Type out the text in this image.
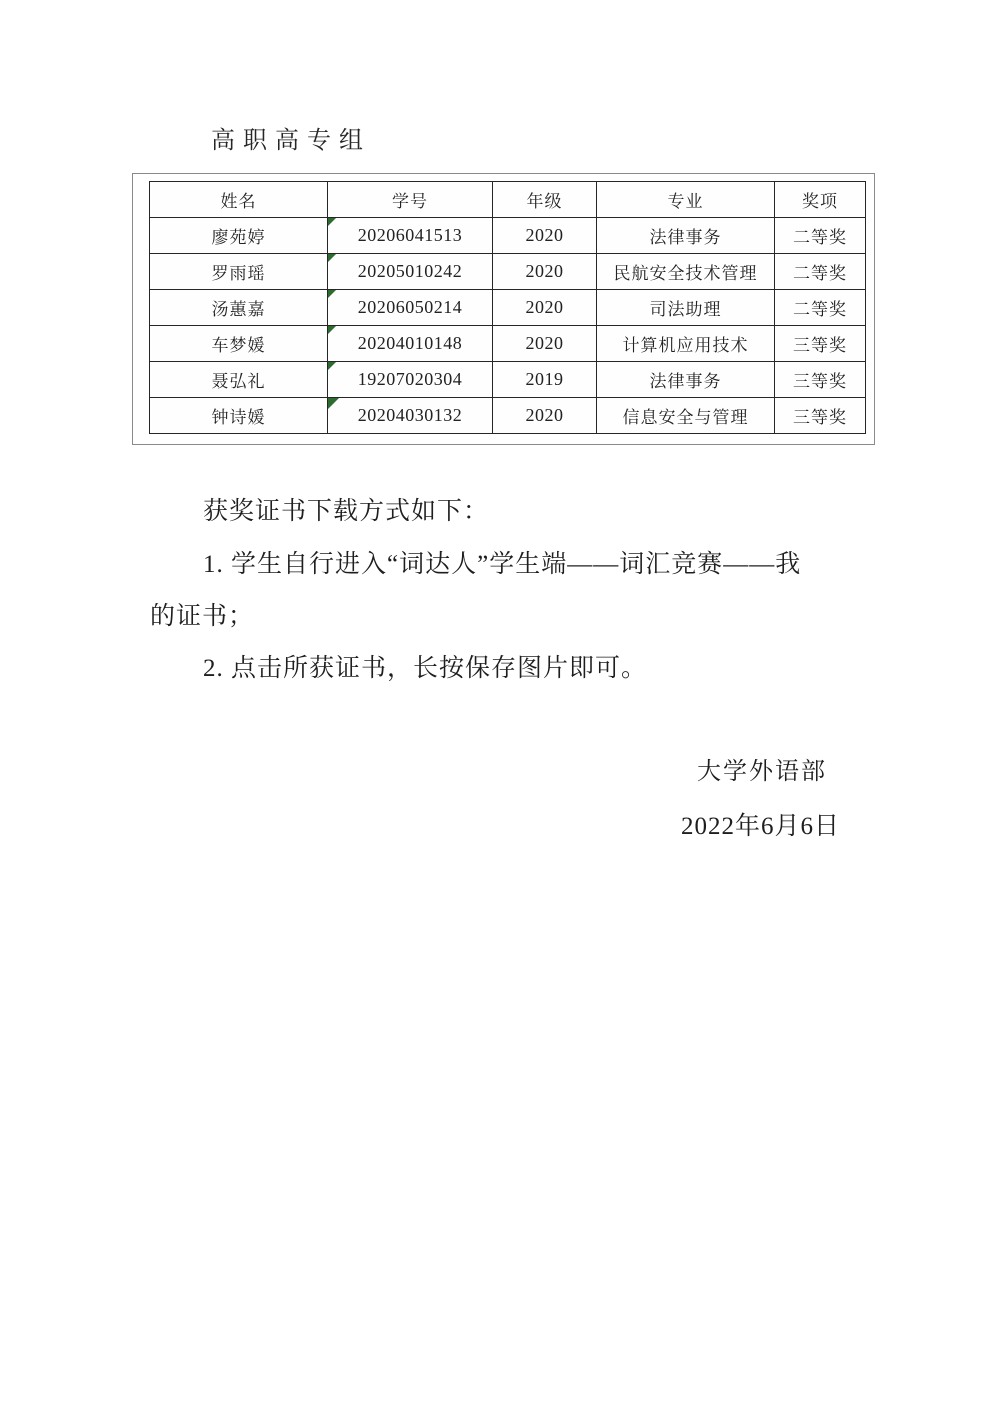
高职高专组
姓名	学号	年级	专业	奖项
廖苑婷	20206041513	2020	法律事务	二等奖
罗雨瑶	20205010242	2020	民航安全技术管理	二等奖
汤蕙嘉	20206050214	2020	司法助理	二等奖
车梦媛	20204010148	2020	计算机应用技术	三等奖
聂弘礼	19207020304	2019	法律事务	三等奖
钟诗媛	20204030132	2020	信息安全与管理	三等奖
获奖证书下载方式如下：
1. 学生自行进入“词达人”学生端——词汇竞赛——我
的证书；
2. 点击所获证书，长按保存图片即可。
大学外语部
2022年6月6日
